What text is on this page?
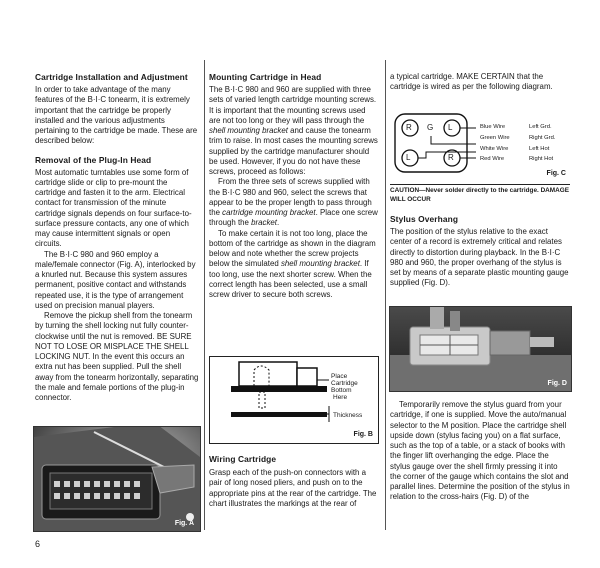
Cartridge Installation and Adjustment

In order to take advantage of the many features of the B·I·C tonearm, it is extremely important that the cartridge be properly installed and the various adjustments pertaining to the cartridge be made. These are described below:

Removal of the Plug-In Head

Most automatic turntables use some form of cartridge slide or clip to pre-mount the cartridge and fasten it to the arm. Electrical contact for transmission of the minute cartridge signals depends on four surface-to-surface pressure contacts, any one of which may cause intermittent signals or open circuits.

The B·I·C 980 and 960 employ a male/female connector (Fig. A), interlocked by a knurled nut. Because this system assures permanent, positive contact and withstands repeated use, it is the type of arrangement used on precision manual players.

Remove the pickup shell from the tonearm by turning the shell locking nut fully counter-clockwise until the nut is removed. BE SURE NOT TO LOSE OR MISPLACE THE SHELL LOCKING NUT. In the event this occurs an extra nut has been supplied. Pull the shell away from the tonearm horizontally, separating the male and female portions of the plug-in connector.

Fig. A
6
Mounting Cartridge in Head

The B·I·C 980 and 960 are supplied with three sets of varied length cartridge mounting screws. It is important that the mounting screws used are not too long or they will pass through the shell mounting bracket and cause the tonearm trim to raise. In most cases the mounting screws supplied by the cartridge manufacturer should be used. However, if you do not have these screws, proceed as follows:

From the three sets of screws supplied with the B·I·C 980 and 960, select the screws that appear to be the proper length to pass through the cartridge mounting bracket. Place one screw through the bracket.

To make certain it is not too long, place the bottom of the cartridge as shown in the diagram below and note whether the screw projects below the simulated shell mounting bracket. If too long, use the next shorter screw. When the correct length has been selected, use a small screw driver to secure both screws.

Place
Cartridge
Bottom
Here
Thickness
Fig. B
Wiring Cartridge

Grasp each of the push-on connectors with a pair of long nosed pliers, and push on to the appropriate pins at the rear of the cartridge. The chart illustrates the markings at the rear of

a typical cartridge. MAKE CERTAIN that the cartridge is wired as per the following diagram.

R G L
L	R
Blue Wire	Left Grd.
Green Wire	Right Grd.
White Wire	Left Hot
Red Wire	Right Hot
Fig. C
CAUTION—Never solder directly to the cartridge. DAMAGE WILL OCCUR
Stylus Overhang

The position of the stylus relative to the exact center of a record is extremely critical and relates directly to distortion during playback. In the B·I·C 980 and 960, the proper overhang of the stylus is set by means of a separate plastic mounting gauge supplied (Fig. D).

Fig. D

Temporarily remove the stylus guard from your cartridge, if one is supplied. Move the auto/manual selector to the M position. Place the cartridge shell upside down (stylus facing you) on a flat surface, such as the top of a table, or a stack of books with the finger lift overhanging the edge. Place the stylus gauge over the shell firmly pressing it into the corner of the gauge which contains the slot and parallel lines. Determine the position of the stylus in relation to the cross-hairs (Fig. D) of the
